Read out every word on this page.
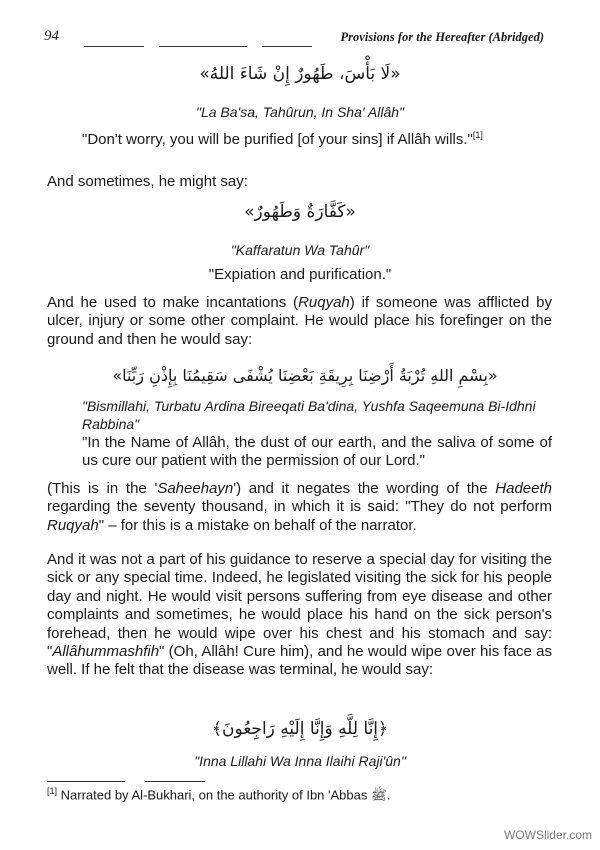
94	Provisions for the Hereafter (Abridged)
«لَا بَأْسَ، طَهُورٌ إِنْ شَاءَ اللهُ»
"La Ba'sa, Tahûrun, In Sha' Allâh"
"Don't worry, you will be purified [of your sins] if Allâh wills."[1]
And sometimes, he might say:
«كَفَّارَةٌ وَطَهُورٌ»
"Kaffaratun Wa Tahûr"
"Expiation and purification."
And he used to make incantations (Ruqyah) if someone was afflicted by ulcer, injury or some other complaint. He would place his forefinger on the ground and then he would say:
«بِسْمِ اللهِ تُرْبَةُ أَرْضِنَا بِرِيقَةِ بَعْضِنَا يُشْفَى سَقِيمُنَا بِإِذْنِ رَبِّنَا»
"Bismillahi, Turbatu Ardina Bireeqati Ba'dina, Yushfa Saqeemuna Bi-Idhni Rabbina"
"In the Name of Allâh, the dust of our earth, and the saliva of some of us cure our patient with the permission of our Lord."
(This is in the 'Saheehayn') and it negates the wording of the Hadeeth regarding the seventy thousand, in which it is said: "They do not perform Ruqyah" – for this is a mistake on behalf of the narrator.
And it was not a part of his guidance to reserve a special day for visiting the sick or any special time. Indeed, he legislated visiting the sick for his people day and night. He would visit persons suffering from eye disease and other complaints and sometimes, he would place his hand on the sick person's forehead, then he would wipe over his chest and his stomach and say: "Allâhummashfih" (Oh, Allâh! Cure him), and he would wipe over his face as well. If he felt that the disease was terminal, he would say:
﴿إِنَّا لِلَّهِ وَإِنَّا إِلَيْهِ رَاجِعُونَ﴾
"Inna Lillahi Wa Inna Ilaihi Raji'ûn"
[1] Narrated by Al-Bukhari, on the authority of Ibn 'Abbas ﷺ.
WOWSlider.com
